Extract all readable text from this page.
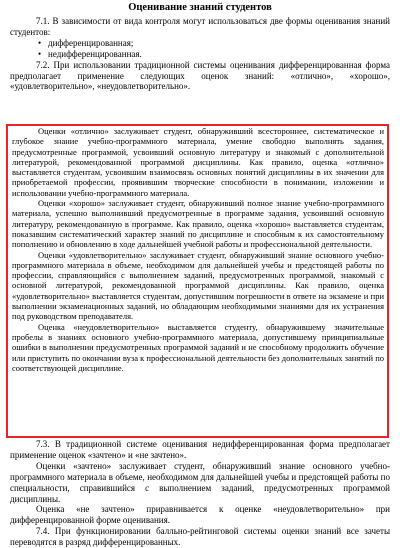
Оценивание знаний студентов

7.1. В зависимости от вида контроля могут использоваться две формы оценивания знаний студентов:

• дифференцированная;
• недифференцированная.

7.2. При использовании традиционной системы оценивания дифференцированная форма предполагает применение следующих оценок знаний: «отлично», «хорошо», «удовлетворительно», «неудовлетворительно».

Оценки «отлично» заслуживает студент, обнаруживший всестороннее, систематическое и глубокое знание учебно-программного материала, умение свободно выполнять задания, предусмотренные программой, усвоивший основную литературу и знакомый с дополнительной литературой, рекомендованной программой дисциплины. Как правило, оценка «отлично» выставляется студентам, усвоившим взаимосвязь основных понятий дисциплины в их значении для приобретаемой профессии, проявившим творческие способности в понимании, изложении и использовании учебно-программного материала.

Оценки «хорошо» заслуживает студент, обнаруживший полное знание учебно-программного материала, успешно выполнивший предусмотренные в программе задания, усвоивший основную литературу, рекомендованную в программе. Как правило, оценка «хорошо» выставляется студентам, показавшим систематический характер знаний по дисциплине и способным к их самостоятельному пополнению и обновлению в ходе дальнейшей учебной работы и профессиональной деятельности.

Оценки «удовлетворительно» заслуживает студент, обнаруживший знание основного учебно-программного материала в объеме, необходимом для дальнейшей учебы и предстоящей работы по профессии, справляющийся с выполнением заданий, предусмотренных программой, знакомый с основной литературой, рекомендованной программой дисциплины. Как правило, оценка «удовлетворительно» выставляется студентам, допустившим погрешности в ответе на экзамене и при выполнении экзаменационных заданий, но обладающим необходимыми знаниями для их устранения под руководством преподавателя.

Оценка «неудовлетворительно» выставляется студенту, обнаружившему значительные пробелы в знаниях основного учебно-программного материала, допустившему принципиальные ошибки в выполнении предусмотренных программой заданий и не способному продолжить обучение или приступить по окончании вуза к профессиональной деятельности без дополнительных занятий по соответствующей дисциплине.

7.3. В традиционной системе оценивания недифференцированная форма предполагает применение оценок «зачтено» и «не зачтено».

Оценки «зачтено» заслуживает студент, обнаруживший знание основного учебно-программного материала в объеме, необходимом для дальнейшей учебы и предстоящей работы по специальности, справившийся с выполнением заданий, предусмотренных программой дисциплины.

Оценка «не зачтено» приравнивается к оценке «неудовлетворительно» при дифференцированной форме оценивания.

7.4. При функционировании балльно-рейтинговой системы оценки знаний все зачеты переводятся в разряд дифференцированных.
